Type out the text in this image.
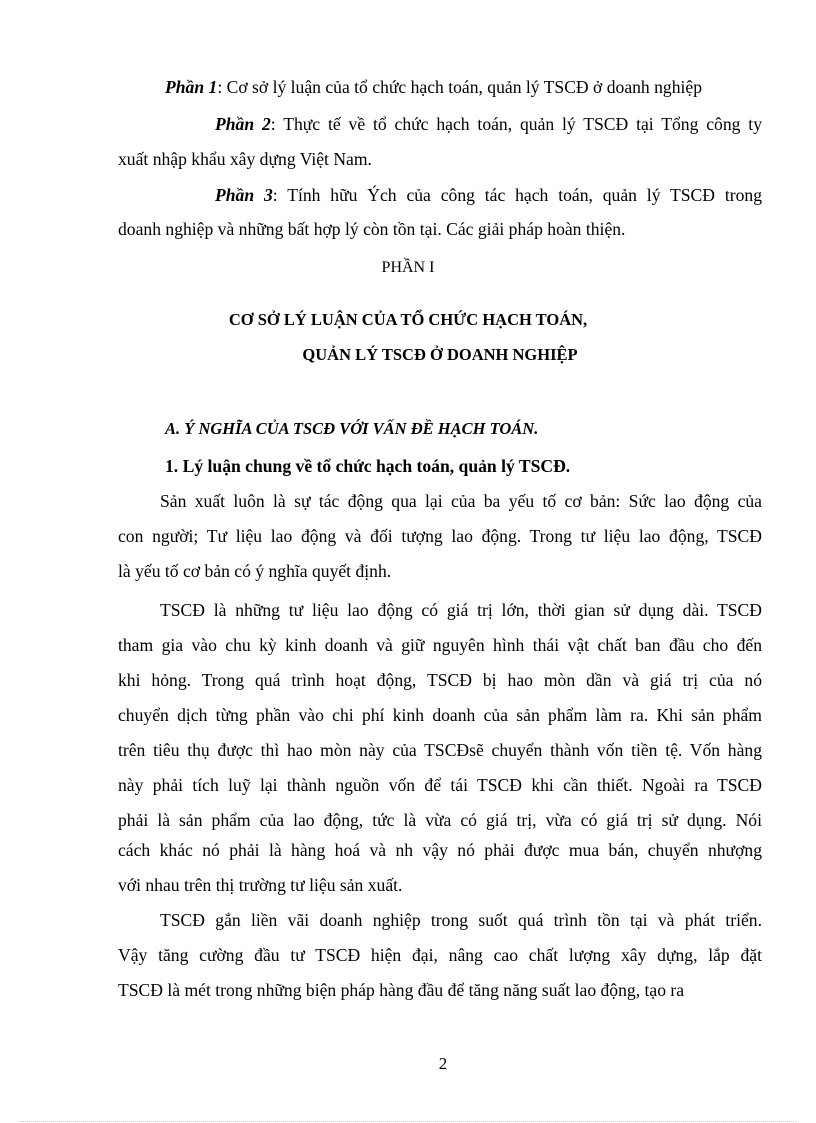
Phần 1: Cơ sở lý luận của tổ chức hạch toán, quản lý TSCĐ ở doanh nghiệp
Phần 2: Thực tế về tổ chức hạch toán, quản lý TSCĐ tại Tổng công ty
xuất nhập khẩu xây dựng Việt Nam.
Phần 3: Tính hữu Ých của công tác hạch toán, quản lý TSCĐ trong
doanh nghiệp và những bất hợp lý còn tồn tại. Các giải pháp hoàn thiện.
PHẦN I
CƠ SỞ LÝ LUẬN CỦA TỔ CHỨC HẠCH TOÁN,
QUẢN LÝ TSCĐ Ở DOANH NGHIỆP
A. Ý NGHĨA CỦA TSCĐ VỚI VẤN ĐỀ HẠCH TOÁN.
1. Lý luận chung về tổ chức hạch toán, quản lý TSCĐ.
Sản xuất luôn là sự tác động qua lại của ba yếu tố cơ bản: Sức lao động của
con người; Tư liệu lao động và đối tượng lao động. Trong tư liệu lao động, TSCĐ
là yếu tố cơ bản có ý nghĩa quyết định.
TSCĐ là những tư liệu lao động có giá trị lớn, thời gian sử dụng dài. TSCĐ
tham gia vào chu kỳ kinh doanh và giữ nguyên hình thái vật chất ban đầu cho đến
khi hỏng. Trong quá trình hoạt động, TSCĐ bị hao mòn dần và giá trị của nó
chuyển dịch từng phần vào chi phí kinh doanh của sản phẩm làm ra. Khi sản phẩm
trên tiêu thụ được thì hao mòn này của TSCĐsẽ chuyển thành vốn tiền tệ. Vốn hàng
này phải tích luỹ lại thành nguồn vốn để tái TSCĐ khi cần thiết. Ngoài ra TSCĐ
phải là sản phẩm của lao động, tức là vừa có giá trị, vừa có giá trị sử dụng. Nói
cách khác nó phải là hàng hoá và nh vậy nó phải được mua bán, chuyển nhượng
với nhau trên thị trường tư liệu sản xuất.
TSCĐ gắn liền vãi doanh nghiệp trong suốt quá trình tồn tại và phát triển.
Vậy tăng cường đầu tư TSCĐ hiện đại, nâng cao chất lượng xây dựng, lắp đặt
TSCĐ là mét trong những biện pháp hàng đầu để tăng năng suất lao động, tạo ra
2
